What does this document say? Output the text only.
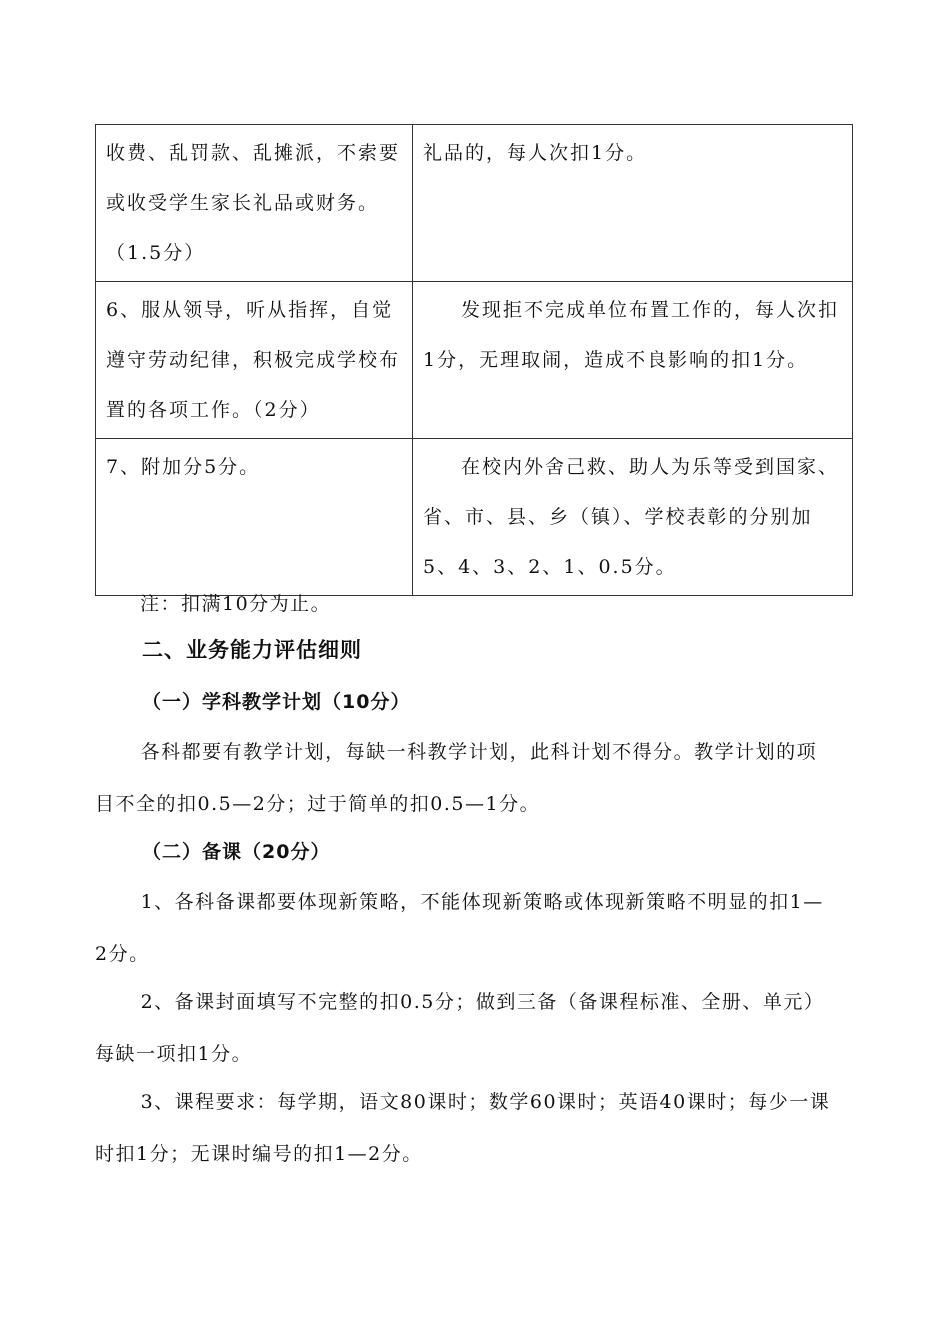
收费、乱罚款、乱摊派，不索要或收受学生家长礼品或财务。（1.5分）	礼品的，每人次扣1分。
6、服从领导，听从指挥，自觉遵守劳动纪律，积极完成学校布置的各项工作。（2分）	发现拒不完成单位布置工作的，每人次扣1分，无理取闹，造成不良影响的扣1分。
7、附加分5分。	在校内外舍己救、助人为乐等受到国家、省、市、县、乡（镇）、学校表彰的分别加5、4、3、2、1、0.5分。

注：扣满10分为止。

二、业务能力评估细则

（一）学科教学计划（10分）

各科都要有教学计划，每缺一科教学计划，此科计划不得分。教学计划的项目不全的扣0.5—2分；过于简单的扣0.5—1分。

（二）备课（20分）

1、各科备课都要体现新策略，不能体现新策略或体现新策略不明显的扣1—2分。

2、备课封面填写不完整的扣0.5分；做到三备（备课程标准、全册、单元）每缺一项扣1分。

3、课程要求：每学期，语文80课时；数学60课时；英语40课时；每少一课时扣1分；无课时编号的扣1—2分。
